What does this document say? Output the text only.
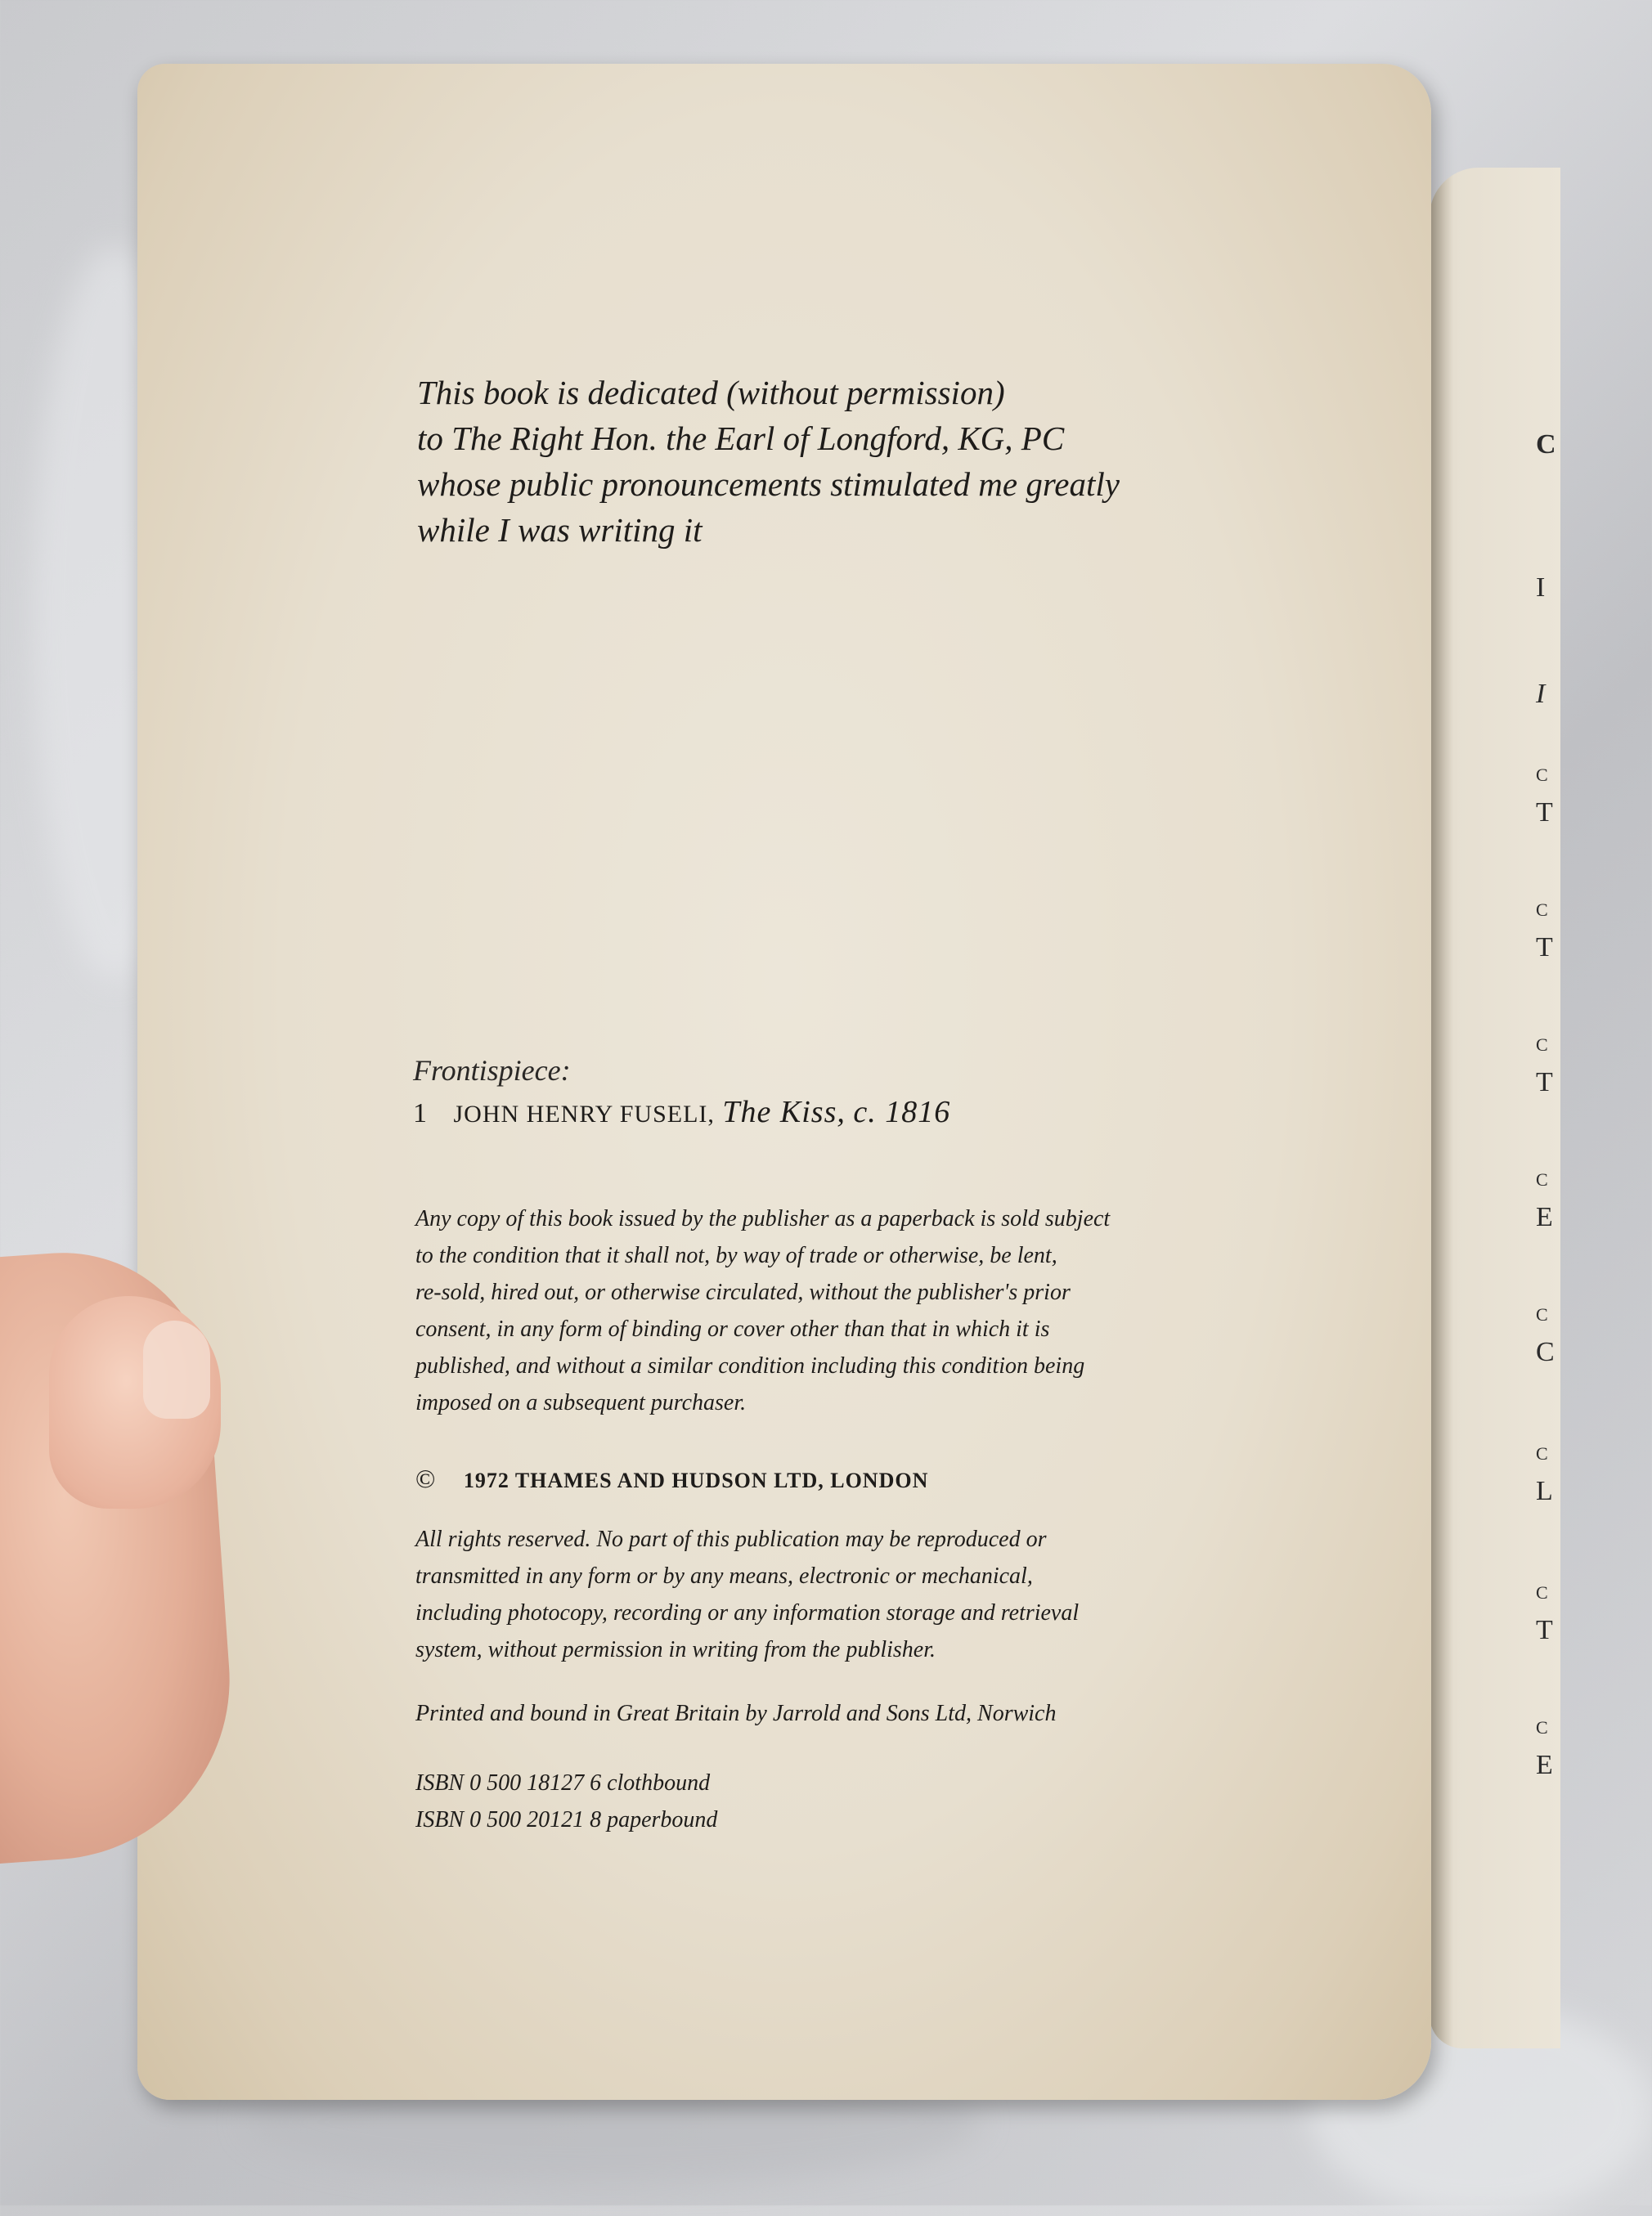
C
I
I
C
T
C
T
C
T
C
E
C
C
C
L
C
T
C
E
This book is dedicated (without permission)
to The Right Hon. the Earl of Longford, KG, PC
whose public pronouncements stimulated me greatly
while I was writing it
Frontispiece:
1 JOHN HENRY FUSELI, The Kiss, c. 1816
Any copy of this book issued by the publisher as a paperback is sold subject
to the condition that it shall not, by way of trade or otherwise, be lent,
re-sold, hired out, or otherwise circulated, without the publisher's prior
consent, in any form of binding or cover other than that in which it is
published, and without a similar condition including this condition being
imposed on a subsequent purchaser.
© 1972 THAMES AND HUDSON LTD, LONDON
All rights reserved. No part of this publication may be reproduced or
transmitted in any form or by any means, electronic or mechanical,
including photocopy, recording or any information storage and retrieval
system, without permission in writing from the publisher.
Printed and bound in Great Britain by Jarrold and Sons Ltd, Norwich
ISBN 0 500 18127 6 clothbound
ISBN 0 500 20121 8 paperbound
